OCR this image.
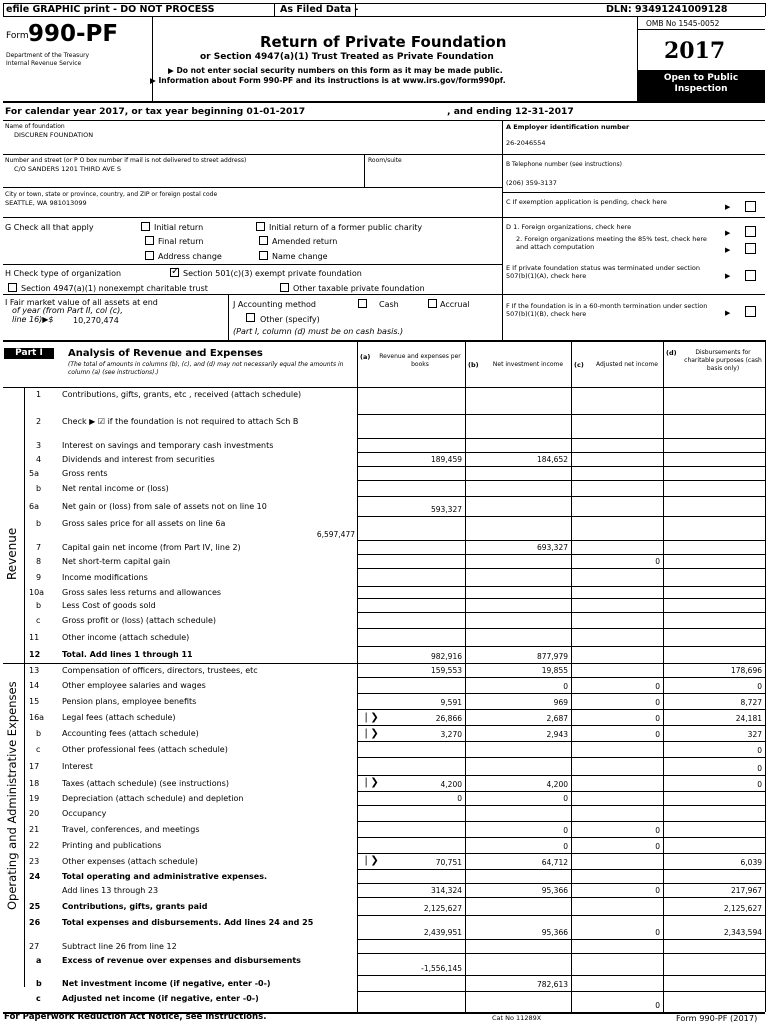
efile GRAPHIC print - DO NOT PROCESS	As Filed Data -	DLN: 93491241009128
Form 990-PF
Department of the Treasury
Internal Revenue Service
Return of Private Foundation
or Section 4947(a)(1) Trust Treated as Private Foundation
▶ Do not enter social security numbers on this form as it may be made public.
▶ Information about Form 990-PF and its instructions is at www.irs.gov/form990pf.
OMB No 1545-0052
2017
Open to Public Inspection
For calendar year 2017, or tax year beginning 01-01-2017	, and ending 12-31-2017
Name of foundation
DISCUREN FOUNDATION
A Employer identification number
26-2046554
Number and street (or P O box number if mail is not delivered to street address)	Room/suite
C/O SANDERS 1201 THIRD AVE S
B Telephone number (see instructions)
(206) 359-3137
City or town, state or province, country, and ZIP or foreign postal code
SEATTLE, WA 981013099	C If exemption application is pending, check here
▶
G Check all that apply	Initial return	Initial return of a former public charity
Final return	Amended return
Address change	Name change
D 1. Foreign organizations, check here
▶
2. Foreign organizations meeting the 85% test, check here and attach computation	▶
E If private foundation status was terminated under section 507(b)(1)(A), check here	▶
H Check type of organization
✓	Section 501(c)(3) exempt private foundation
Section 4947(a)(1) nonexempt charitable trust	Other taxable private foundation
I Fair market value of all assets at end
of year (from Part II, col (c),
line 16)▶$ 10,270,474
J Accounting method	Cash	Accrual
Other (specify)
(Part I, column (d) must be on cash basis.)
F If the foundation is in a 60-month termination under section 507(b)(1)(B), check here	▶
Part I	Analysis of Revenue and Expenses
(The total of amounts in columns (b), (c), and (d) may not necessarily equal the amounts in column (a) (see instructions).)
(a) Revenue and expenses per books	(b)	Net investment income	(c)	Adjusted net income
(d)	Disbursements for charitable purposes (cash basis only)
Revenue
Operating and Administrative Expenses	❘❯
❘❯
❘❯
❘❯
6,597,477
1	Contributions, gifts, grants, etc , received (attach schedule)
2	Check ▶ ☑ if the foundation is not required to attach Sch B
3	Interest on savings and temporary cash investments
4	Dividends and interest from securities	189,459	184,652
5a	Gross rents
b	Net rental income or (loss)
6a	Net gain or (loss) from sale of assets not on line 10	593,327
b	Gross sales price for all assets on line 6a
7	Capital gain net income (from Part IV, line 2)	693,327
8	Net short-term capital gain	0
9	Income modifications
10a Gross sales less returns and allowances
b	Less Cost of goods sold
c	Gross profit or (loss) (attach schedule)
11	Other income (attach schedule)
12	Total. Add lines 1 through 11	982,916	877,979
13	Compensation of officers, directors, trustees, etc	159,553	19,855	178,696
14	Other employee salaries and wages	0	0	0
15	Pension plans, employee benefits	9,591	969	0	8,727
16a Legal fees (attach schedule)	26,866	2,687	0	24,181
b	Accounting fees (attach schedule)	3,270	2,943	0	327
c	Other professional fees (attach schedule)	0
17	Interest	0
18	Taxes (attach schedule) (see instructions)	4,200	4,200	0
19	Depreciation (attach schedule) and depletion	0	0
20	Occupancy
21	Travel, conferences, and meetings	0	0
22	Printing and publications	0	0
23	Other expenses (attach schedule)	70,751	64,712	6,039
24	Total operating and administrative expenses.
Add lines 13 through 23	314,324	95,366	0	217,967
25	Contributions, gifts, grants paid	2,125,627	2,125,627
26	Total expenses and disbursements. Add lines 24 and 25
2,439,951	95,366	0	2,343,594
27	Subtract line 26 from line 12
a	Excess of revenue over expenses and disbursements
-1,556,145
b	Net investment income (if negative, enter -0-)	782,613
c	Adjusted net income (if negative, enter -0-)
0
For Paperwork Reduction Act Notice, see instructions.	Cat No 11289X	Form 990-PF (2017)
